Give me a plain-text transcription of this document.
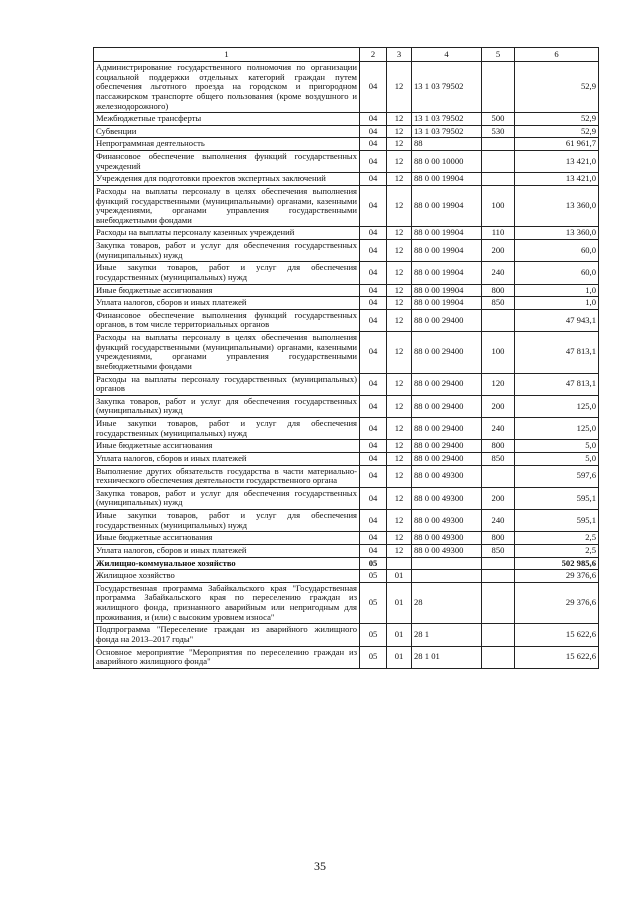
1	2	3	4	5	6
Администрирование государственного полномочия по организации социальной поддержки отдельных категорий граждан путем обеспечения льготного проезда на городском и пригородном пассажирском транспорте общего пользования (кроме воздушного и железнодорожного)	04	12	13 1 03 79502		52,9
Межбюджетные трансферты	04	12	13 1 03 79502	500	52,9
Субвенции	04	12	13 1 03 79502	530	52,9
Непрограммная деятельность	04	12	88		61 961,7
Финансовое обеспечение выполнения функций государственных учреждений	04	12	88 0 00 10000		13 421,0
Учреждения для подготовки проектов экспертных заключений	04	12	88 0 00 19904		13 421,0
Расходы на выплаты персоналу в целях обеспечения выполнения функций государственными (муниципальными) органами, казенными учреждениями, органами управления государственными внебюджетными фондами	04	12	88 0 00 19904	100	13 360,0
Расходы на выплаты персоналу казенных учреждений	04	12	88 0 00 19904	110	13 360,0
Закупка товаров, работ и услуг для обеспечения государственных (муниципальных) нужд	04	12	88 0 00 19904	200	60,0
Иные закупки товаров, работ и услуг для обеспечения государственных (муниципальных) нужд	04	12	88 0 00 19904	240	60,0
Иные бюджетные ассигнования	04	12	88 0 00 19904	800	1,0
Уплата налогов, сборов и иных платежей	04	12	88 0 00 19904	850	1,0
Финансовое обеспечение выполнения функций государственных органов, в том числе территориальных органов	04	12	88 0 00 29400		47 943,1
Расходы на выплаты персоналу в целях обеспечения выполнения функций государственными (муниципальными) органами, казенными учреждениями, органами управления государственными внебюджетными фондами	04	12	88 0 00 29400	100	47 813,1
Расходы на выплаты персоналу государственных (муниципальных) органов	04	12	88 0 00 29400	120	47 813,1
Закупка товаров, работ и услуг для обеспечения государственных (муниципальных) нужд	04	12	88 0 00 29400	200	125,0
Иные закупки товаров, работ и услуг для обеспечения государственных (муниципальных) нужд	04	12	88 0 00 29400	240	125,0
Иные бюджетные ассигнования	04	12	88 0 00 29400	800	5,0
Уплата налогов, сборов и иных платежей	04	12	88 0 00 29400	850	5,0
Выполнение других обязательств государства в части материально-технического обеспечения деятельности государственного органа	04	12	88 0 00 49300		597,6
Закупка товаров, работ и услуг для обеспечения государственных (муниципальных) нужд	04	12	88 0 00 49300	200	595,1
Иные закупки товаров, работ и услуг для обеспечения государственных (муниципальных) нужд	04	12	88 0 00 49300	240	595,1
Иные бюджетные ассигнования	04	12	88 0 00 49300	800	2,5
Уплата налогов, сборов и иных платежей	04	12	88 0 00 49300	850	2,5
Жилищно-коммунальное хозяйство	05				502 985,6
Жилищное хозяйство	05	01			29 376,6
Государственная программа Забайкальского края "Государственная программа Забайкальского края по переселению граждан из жилищного фонда, признанного аварийным или непригодным для проживания, и (или) с высоким уровнем износа"	05	01	28		29 376,6
Подпрограмма "Переселение граждан из аварийного жилищного фонда на 2013–2017 годы"	05	01	28 1		15 622,6
Основное мероприятие "Мероприятия по переселению граждан из аварийного жилищного фонда"	05	01	28 1 01		15 622,6
35
